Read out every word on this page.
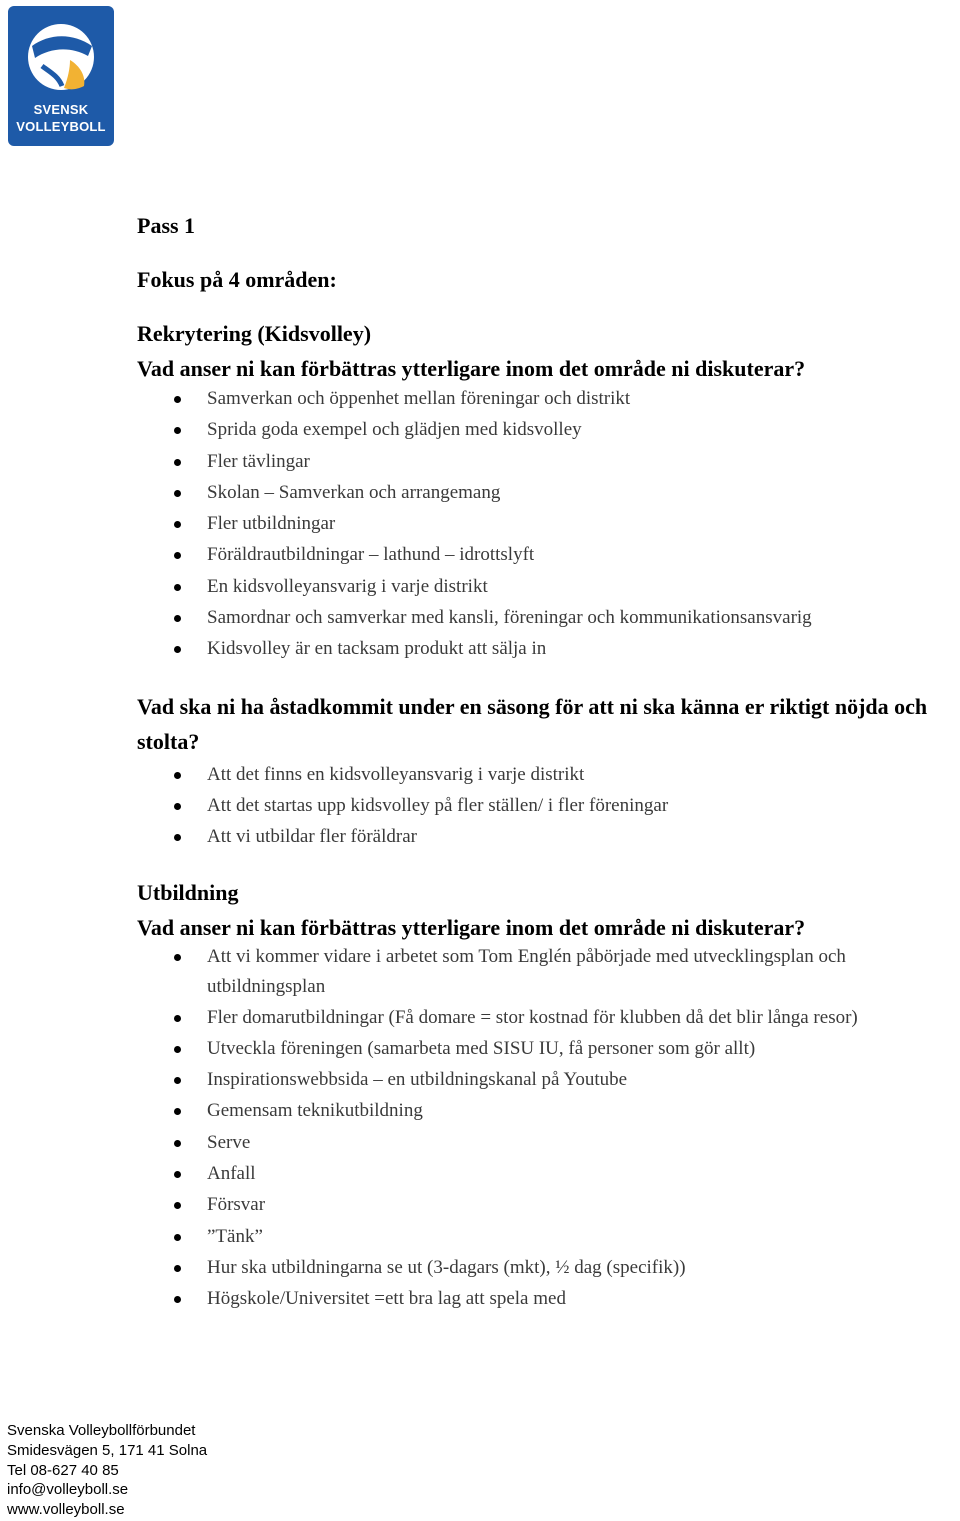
SVENSK
VOLLEYBOLL

Pass 1

Fokus på 4 områden:

Rekrytering (Kidsvolley)

Vad anser ni kan förbättras ytterligare inom det område ni diskuterar?

Samverkan och öppenhet mellan föreningar och distrikt
Sprida goda exempel och glädjen med kidsvolley
Fler tävlingar
Skolan – Samverkan och arrangemang
Fler utbildningar
Föräldrautbildningar – lathund – idrottslyft
En kidsvolleyansvarig i varje distrikt
Samordnar och samverkar med kansli, föreningar och kommunikationsansvarig
Kidsvolley är en tacksam produkt att sälja in

Vad ska ni ha åstadkommit under en säsong för att ni ska känna er riktigt nöjda och stolta?

Att det finns en kidsvolleyansvarig i varje distrikt
Att det startas upp kidsvolley på fler ställen/ i fler föreningar
Att vi utbildar fler föräldrar

Utbildning

Vad anser ni kan förbättras ytterligare inom det område ni diskuterar?

Att vi kommer vidare i arbetet som Tom Englén påbörjade med utvecklingsplan och utbildningsplan
Fler domarutbildningar (Få domare = stor kostnad för klubben då det blir långa resor)
Utveckla föreningen (samarbeta med SISU IU, få personer som gör allt)
Inspirationswebbsida – en utbildningskanal på Youtube
Gemensam teknikutbildning
Serve
Anfall
Försvar
”Tänk”
Hur ska utbildningarna se ut (3-dagars (mkt), ½ dag (specifik))
Högskole/Universitet =ett bra lag att spela med
Svenska Volleybollförbundet
Smidesvägen 5, 171 41 Solna
Tel 08-627 40 85
info@volleyboll.se
www.volleyboll.se
